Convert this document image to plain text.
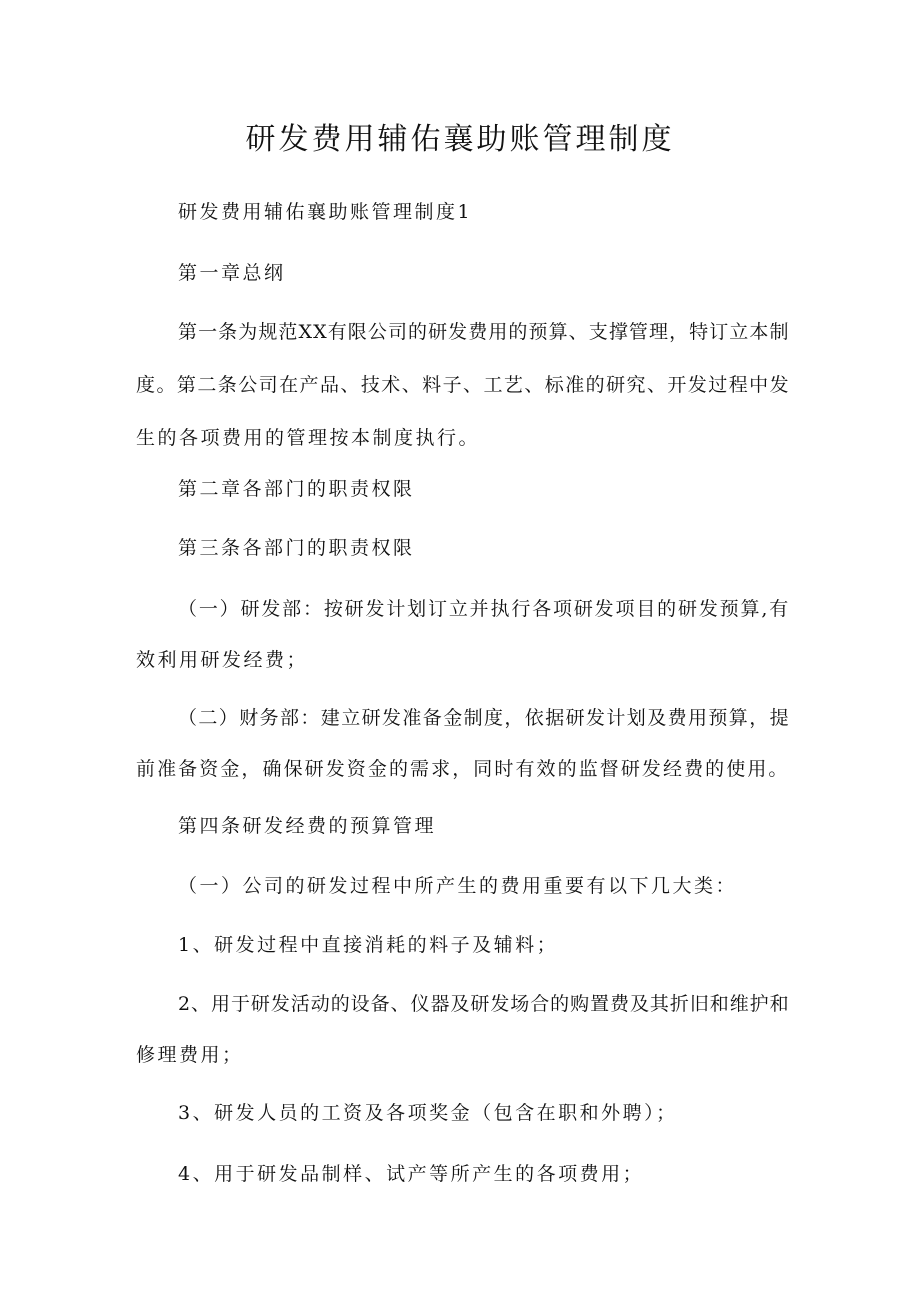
研发费用辅佑襄助账管理制度
研发费用辅佑襄助账管理制度1
第一章总纲
第一条为规范XX有限公司的研发费用的预算、支撑管理，特订立本制
度。第二条公司在产品、技术、料子、工艺、标准的研究、开发过程中发
生的各项费用的管理按本制度执行。
第二章各部门的职责权限
第三条各部门的职责权限
（一）研发部：按研发计划订立并执行各项研发项目的研发预算,有
效利用研发经费；
（二）财务部：建立研发准备金制度，依据研发计划及费用预算，提
前准备资金，确保研发资金的需求，同时有效的监督研发经费的使用。
第四条研发经费的预算管理
（一）公司的研发过程中所产生的费用重要有以下几大类：
1、研发过程中直接消耗的料子及辅料；
2、用于研发活动的设备、仪器及研发场合的购置费及其折旧和维护和
修理费用；
3、研发人员的工资及各项奖金（包含在职和外聘）；
4、用于研发品制样、试产等所产生的各项费用；
